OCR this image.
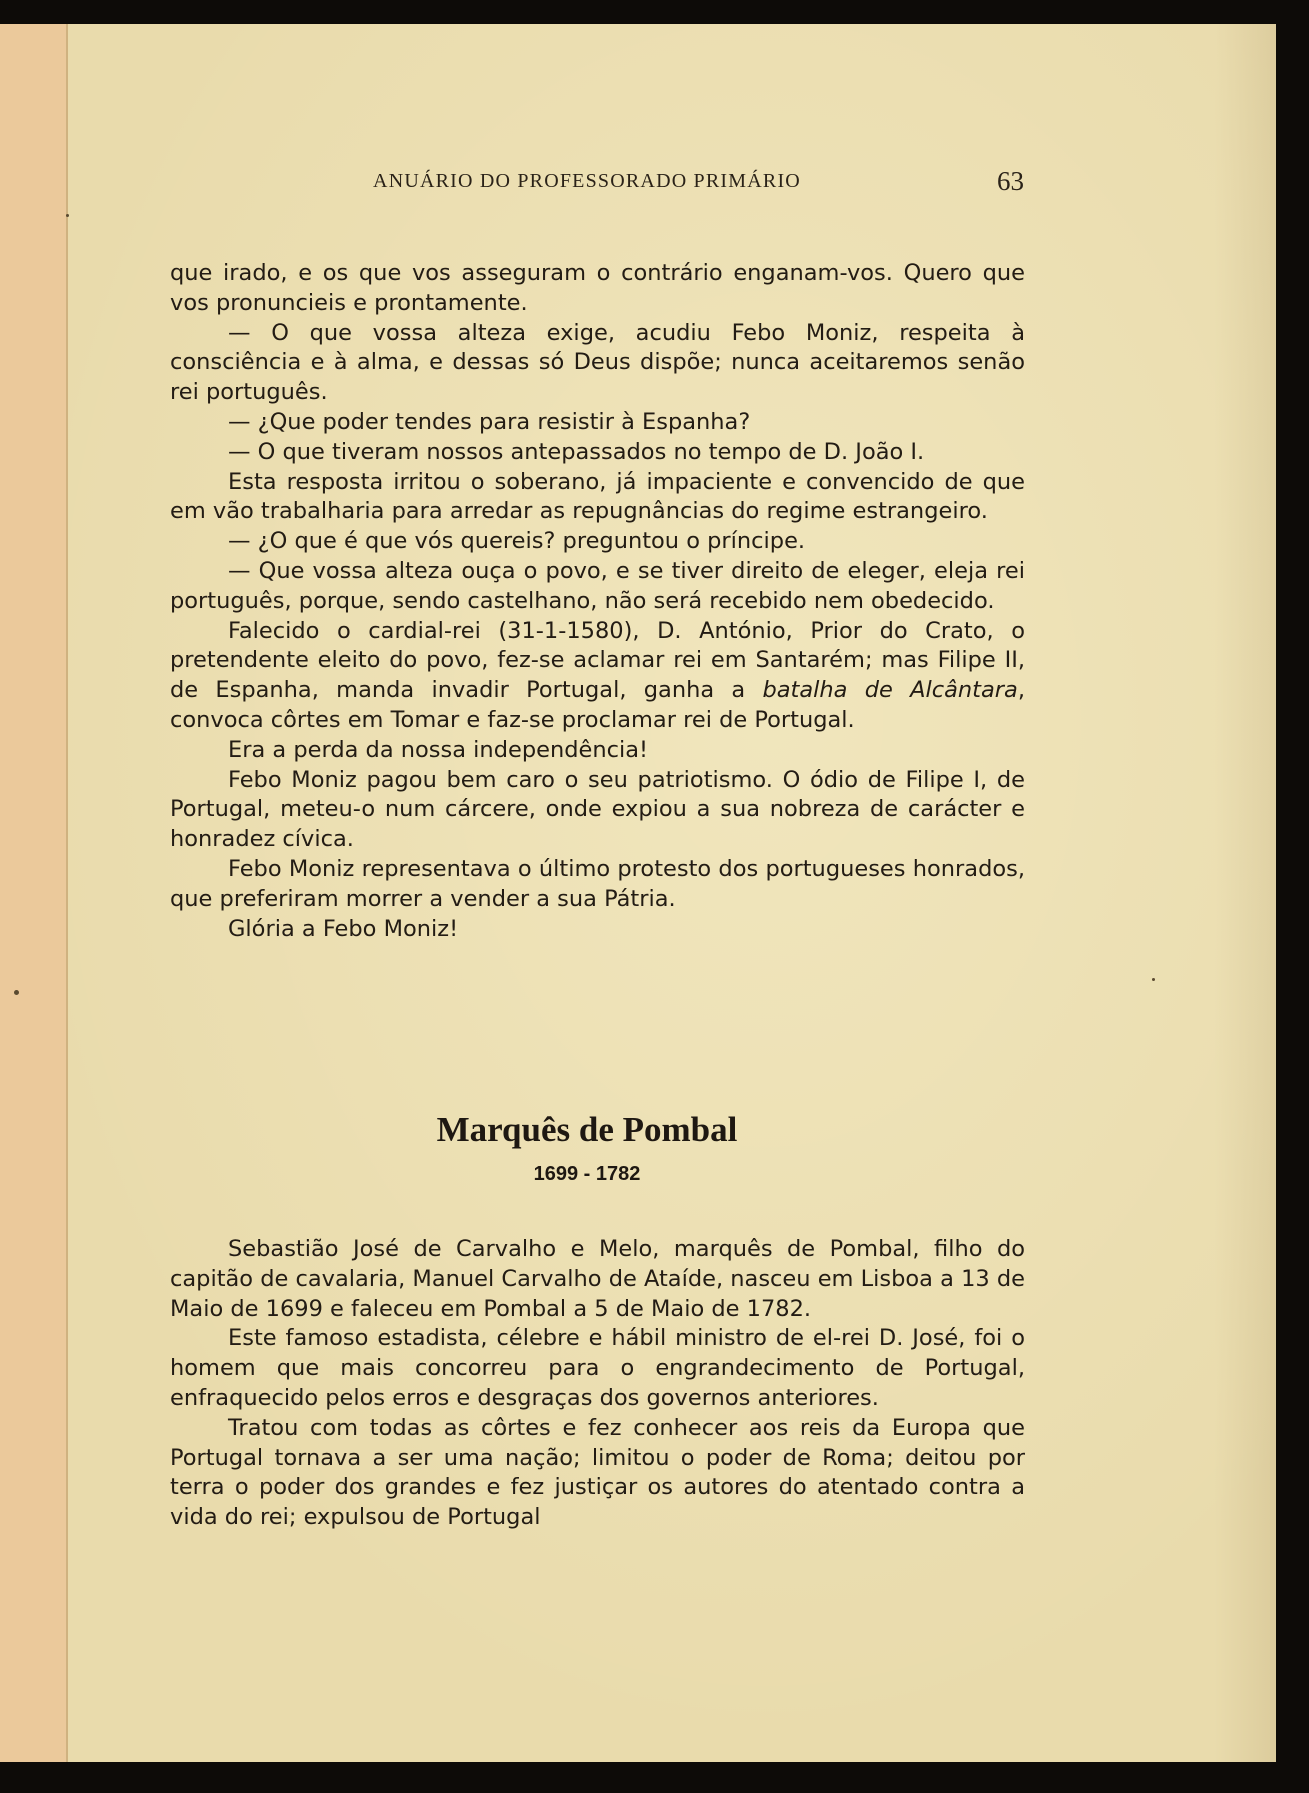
ANUÁRIO DO PROFESSORADO PRIMÁRIO	63

que irado, e os que vos asseguram o contrário enganam-vos. Quero que vos pronuncieis e prontamente.

— O que vossa alteza exige, acudiu Febo Moniz, respeita à consciência e à alma, e dessas só Deus dispõe; nunca aceitaremos senão rei português.

— ¿Que poder tendes para resistir à Espanha?

— O que tiveram nossos antepassados no tempo de D. João I.

Esta resposta irritou o soberano, já impaciente e convencido de que em vão trabalharia para arredar as repugnâncias do regime estrangeiro.

— ¿O que é que vós quereis? preguntou o príncipe.

— Que vossa alteza ouça o povo, e se tiver direito de eleger, eleja rei português, porque, sendo castelhano, não será recebido nem obedecido.

Falecido o cardial-rei (31-1-1580), D. António, Prior do Crato, o pretendente eleito do povo, fez-se aclamar rei em Santarém; mas Filipe II, de Espanha, manda invadir Portugal, ganha a batalha de Alcântara, convoca côrtes em Tomar e faz-se proclamar rei de Portugal.

Era a perda da nossa independência!

Febo Moniz pagou bem caro o seu patriotismo. O ódio de Filipe I, de Portugal, meteu-o num cárcere, onde expiou a sua nobreza de carácter e honradez cívica.

Febo Moniz representava o último protesto dos portugueses honrados, que preferiram morrer a vender a sua Pátria.

Glória a Febo Moniz!

Marquês de Pombal
1699 - 1782

Sebastião José de Carvalho e Melo, marquês de Pombal, filho do capitão de cavalaria, Manuel Carvalho de Ataíde, nasceu em Lisboa a 13 de Maio de 1699 e faleceu em Pombal a 5 de Maio de 1782.

Este famoso estadista, célebre e hábil ministro de el-rei D. José, foi o homem que mais concorreu para o engrandecimento de Portugal, enfraquecido pelos erros e desgraças dos governos anteriores.

Tratou com todas as côrtes e fez conhecer aos reis da Europa que Portugal tornava a ser uma nação; limitou o poder de Roma; deitou por terra o poder dos grandes e fez justiçar os autores do atentado contra a vida do rei; expulsou de Portugal
